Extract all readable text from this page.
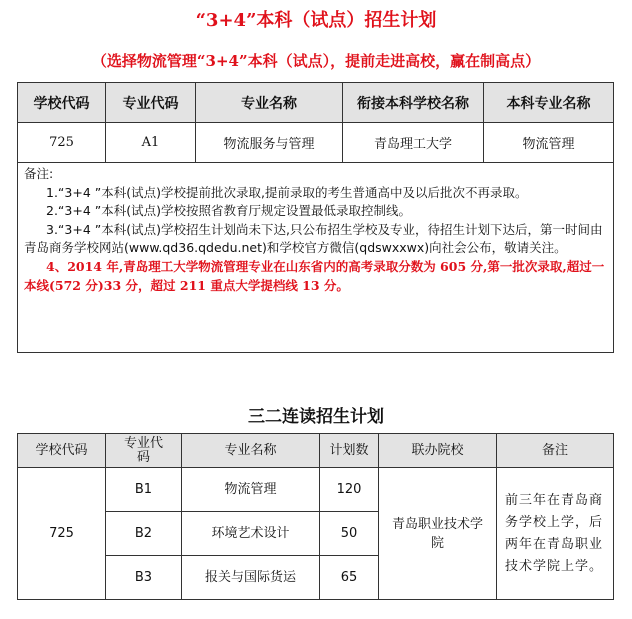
“3+4”本科（试点）招生计划
（选择物流管理“3+4”本科（试点），提前走进高校，赢在制高点）
学校代码	专业代码	专业名称	衔接本科学校名称	本科专业名称
725	A1	物流服务与管理	青岛理工大学	物流管理

备注:

1.“3+4 ”本科(试点)学校提前批次录取,提前录取的考生普通高中及以后批次不再录取。

2.“3+4 ”本科(试点)学校按照省教育厅规定设置最低录取控制线。

3.“3+4 ”本科(试点)学校招生计划尚未下达,只公布招生学校及专业，待招生计划下达后，第一时间由青岛商务学校网站(www.qd36.qdedu.net)和学校官方微信(qdswxxwx)向社会公布，敬请关注。

4、2014 年,青岛理工大学物流管理专业在山东省内的高考录取分数为 605 分,第一批次录取,超过一本线(572 分)33 分，超过 211 重点大学提档线 13 分。				

三二连读招生计划
学校代码	专业代码	专业名称	计划数	联办院校	备注
725	B1	物流管理	120	青岛职业技术学院	前三年在青岛商务学校上学，后两年在青岛职业技术学院上学。
	B2	环境艺术设计	50		
	B3	报关与国际货运	65		
